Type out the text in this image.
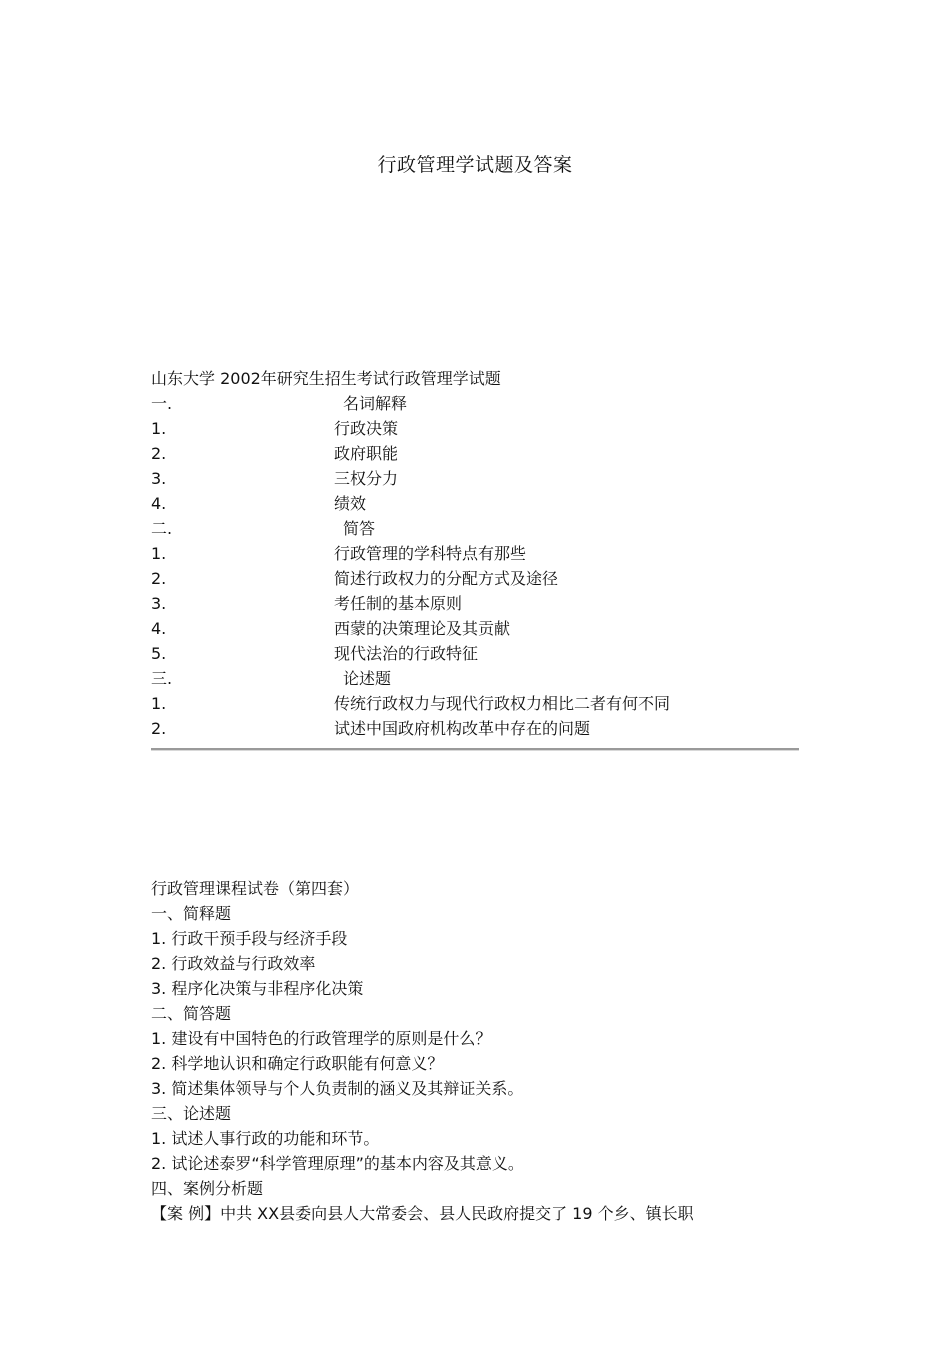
行政管理学试题及答案
山东大学 2002年研究生招生考试行政管理学试题
一.	名词解释
1.	行政决策
2.	政府职能
3.	三权分力
4.	绩效
二.	简答
1.	行政管理的学科特点有那些
2.	简述行政权力的分配方式及途径
3.	考任制的基本原则
4.	西蒙的决策理论及其贡献
5.	现代法治的行政特征
三.	论述题
1.	传统行政权力与现代行政权力相比二者有何不同
2.	试述中国政府机构改革中存在的问题
行政管理课程试卷（第四套）
一、简释题
1. 行政干预手段与经济手段
2. 行政效益与行政效率
3. 程序化决策与非程序化决策
二、简答题
1. 建设有中国特色的行政管理学的原则是什么？
2. 科学地认识和确定行政职能有何意义？
3. 简述集体领导与个人负责制的涵义及其辩证关系。
三、论述题
1. 试述人事行政的功能和环节。
2. 试论述泰罗“科学管理原理”的基本内容及其意义。
四、案例分析题
【案 例】中共 XX县委向县人大常委会、县人民政府提交了 19 个乡、镇长职
